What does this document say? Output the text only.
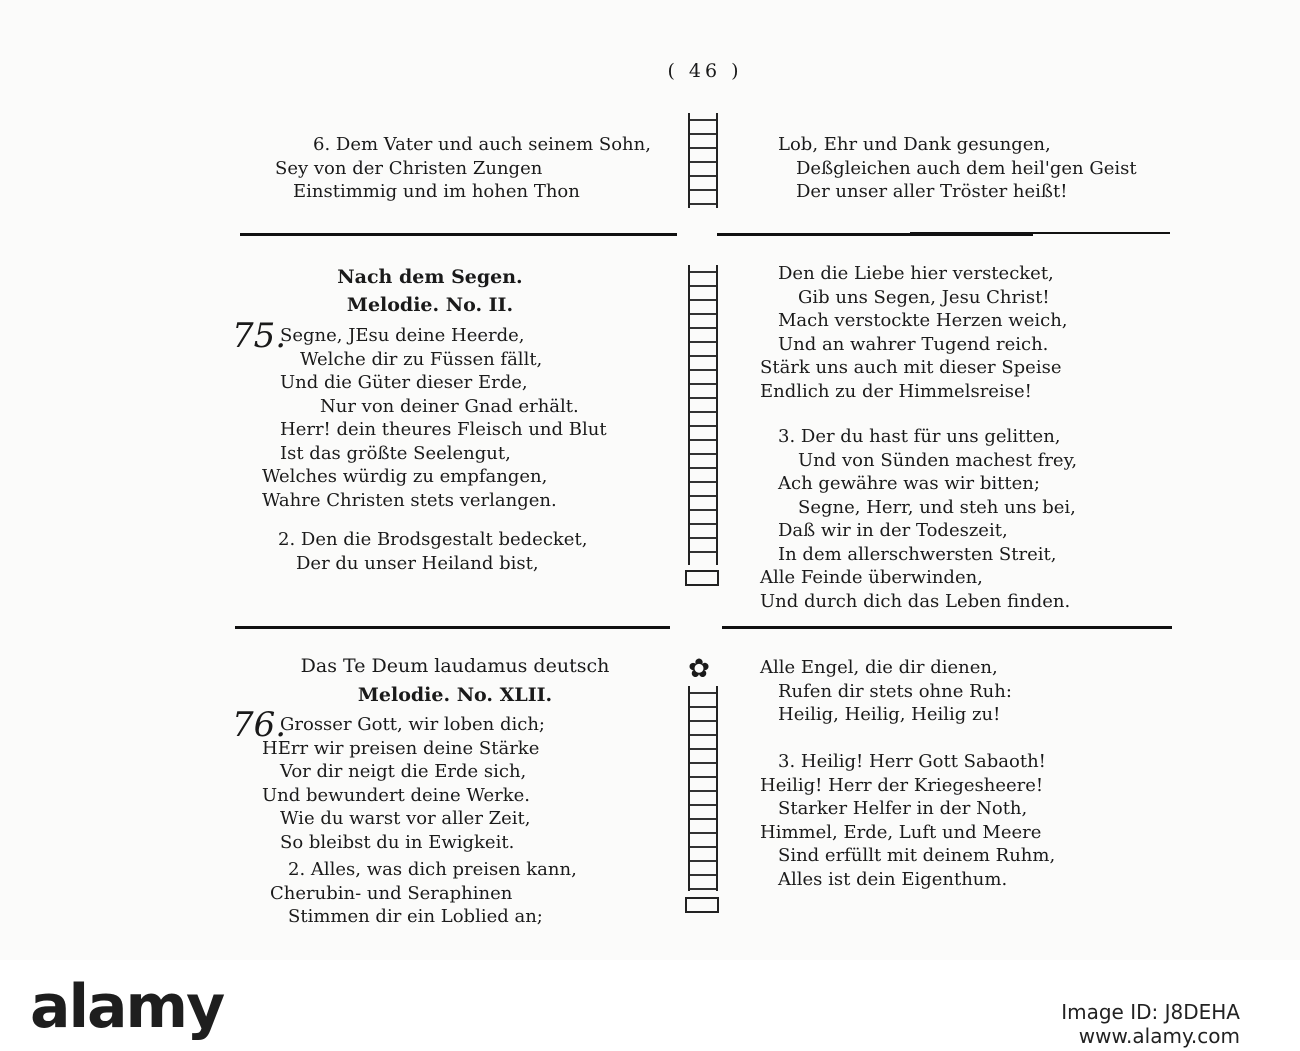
( 46 )
6. Dem Vater und auch seinem Sohn,
Sey von der Christen Zungen
Einstimmig und im hohen Thon
Lob, Ehr und Dank gesungen,
Deßgleichen auch dem heil'gen Geist
Der unser aller Tröster heißt!
Nach dem Segen.
Melodie. No. II.
75.
Segne, JEsu deine Heerde,
Welche dir zu Füssen fällt,
Und die Güter dieser Erde,
Nur von deiner Gnad erhält.
Herr! dein theures Fleisch und Blut
Ist das größte Seelengut,
Welches würdig zu empfangen,
Wahre Christen stets verlangen.
2. Den die Brodsgestalt bedecket,
Der du unser Heiland bist,
Den die Liebe hier verstecket,
Gib uns Segen, Jesu Christ!
Mach verstockte Herzen weich,
Und an wahrer Tugend reich.
Stärk uns auch mit dieser Speise
Endlich zu der Himmelsreise!
3. Der du hast für uns gelitten,
Und von Sünden machest frey,
Ach gewähre was wir bitten;
Segne, Herr, und steh uns bei,
Daß wir in der Todeszeit,
In dem allerschwersten Streit,
Alle Feinde überwinden,
Und durch dich das Leben finden.
Das Te Deum laudamus deutsch
Melodie. No. XLII.
76.
Grosser Gott, wir loben dich;
HErr wir preisen deine Stärke
Vor dir neigt die Erde sich,
Und bewundert deine Werke.
Wie du warst vor aller Zeit,
So bleibst du in Ewigkeit.
2. Alles, was dich preisen kann,
Cherubin- und Seraphinen
Stimmen dir ein Loblied an;
✿	Alle Engel, die dir dienen,
Rufen dir stets ohne Ruh:
Heilig, Heilig, Heilig zu!
3. Heilig! Herr Gott Sabaoth!
Heilig! Herr der Kriegesheere!
Starker Helfer in der Noth,
Himmel, Erde, Luft und Meere
Sind erfüllt mit deinem Ruhm,
Alles ist dein Eigenthum.
alamy	Image ID: J8DEHA
www.alamy.com
